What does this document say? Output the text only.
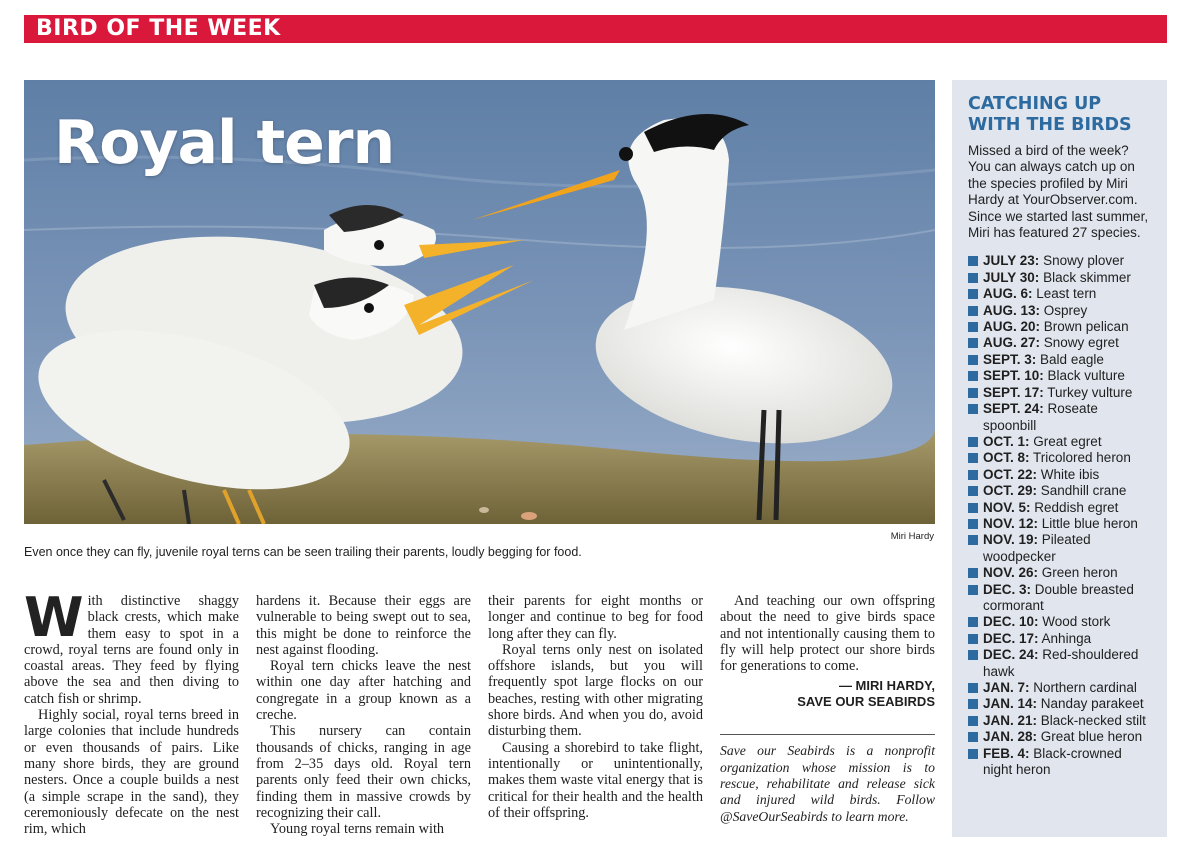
BIRD OF THE WEEK
Royal tern
Miri Hardy
Even once they can fly, juvenile royal terns can be seen trailing their parents, loudly begging for food.

With distinctive shaggy black crests, which make them easy to spot in a crowd, royal terns are found only in coastal areas. They feed by flying above the sea and then diving to catch fish or shrimp.

Highly social, royal terns breed in large colonies that include hundreds or even thousands of pairs. Like many shore birds, they are ground nesters. Once a couple builds a nest (a simple scrape in the sand), they ceremoniously defecate on the nest rim, which

hardens it. Because their eggs are vulnerable to being swept out to sea, this might be done to reinforce the nest against flooding.

Royal tern chicks leave the nest within one day after hatching and congregate in a group known as a creche.

This nursery can contain thousands of chicks, ranging in age from 2–35 days old. Royal tern parents only feed their own chicks, finding them in massive crowds by recognizing their call.

Young royal terns remain with

their parents for eight months or longer and continue to beg for food long after they can fly.

Royal terns only nest on isolated offshore islands, but you will frequently spot large flocks on our beaches, resting with other migrating shore birds. And when you do, avoid disturbing them.

Causing a shorebird to take flight, intentionally or unintentionally, makes them waste vital energy that is critical for their health and the health of their offspring.

And teaching our own offspring about the need to give birds space and not intentionally causing them to fly will help protect our shore birds for generations to come.

— MIRI HARDY,
SAVE OUR SEABIRDS
Save our Seabirds is a nonprofit organization whose mission is to rescue, rehabilitate and release sick and injured wild birds. Follow @SaveOurSeabirds to learn more.
CATCHING UP WITH THE BIRDS

Missed a bird of the week? You can always catch up on the species profiled by Miri Hardy at YourObserver.com. Since we started last summer, Miri has featured 27 species.

JULY 23: Snowy plover
JULY 30: Black skimmer
AUG. 6: Least tern
AUG. 13: Osprey
AUG. 20: Brown pelican
AUG. 27: Snowy egret
SEPT. 3: Bald eagle
SEPT. 10: Black vulture
SEPT. 17: Turkey vulture
SEPT. 24: Roseate spoonbill
OCT. 1: Great egret
OCT. 8: Tricolored heron
OCT. 22: White ibis
OCT. 29: Sandhill crane
NOV. 5: Reddish egret
NOV. 12: Little blue heron
NOV. 19: Pileated woodpecker
NOV. 26: Green heron
DEC. 3: Double breasted cormorant
DEC. 10: Wood stork
DEC. 17: Anhinga
DEC. 24: Red-shouldered hawk
JAN. 7: Northern cardinal
JAN. 14: Nanday parakeet
JAN. 21: Black-necked stilt
JAN. 28: Great blue heron
FEB. 4: Black-crowned night heron
